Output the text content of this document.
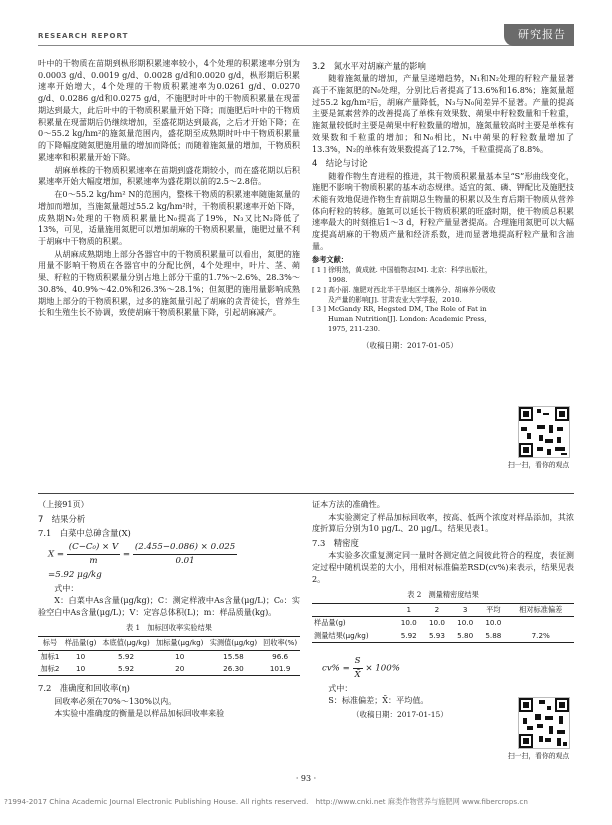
RESEARCH REPORT	研究报告

叶中的干物质在苗期到枞形期积累速率较小，4个处理的积累速率分别为0.0003 g/d、0.0019 g/d、0.0028 g/d和0.0020 g/d，枞形期后积累速率开始增大，4个处理的干物质积累速率为0.0261 g/d、0.0270 g/d、0.0286 g/d和0.0275 g/d，不施肥时叶中的干物质积累量在现蕾期达到最大，此后叶中的干物质积累量开始下降；而施肥后叶中的干物质积累量在现蕾期后仍继续增加，至盛花期达到最高，之后才开始下降；在0～55.2 kg/hm²的施氮量范围内，盛花期至成熟期时叶中干物质积累量的下降幅度随氮肥施用量的增加而降低；而随着施氮量的增加，干物质积累速率和积累量开始下降。

胡麻单株的干物质积累速率在苗期到盛花期较小，而在盛花期以后积累速率开始大幅度增加，积累速率为盛花期以前的2.5～2.8倍。

在0～55.2 kg/hm² N的范围内，整株干物质的积累速率随施氮量的增加而增加，当施氮量超过55.2 kg/hm²时，干物质积累速率开始下降，成熟期N₂处理的干物质积累量比N₀提高了19%，N₃又比N₂降低了13%，可见，适量施用氮肥可以增加胡麻的干物质积累量，施肥过量不利于胡麻中干物质的积累。

从胡麻成熟期地上部分各器官中的干物质积累量可以看出，氮肥的施用量不影响干物质在各器官中的分配比例，4个处理中，叶片、茎、蒴果、籽粒的干物质积累量分别占地上部分干重的1.7%～2.6%、28.3%～30.8%、40.9%～42.0%和26.3%～28.1%；但氮肥的施用量影响成熟期地上部分的干物质积累，过多的施氮量引起了胡麻的贪青徒长，营养生长和生殖生长不协调，致使胡麻干物质积累量下降，引起胡麻减产。

3.2　氮水平对胡麻产量的影响

随着施氮量的增加，产量呈递增趋势，N₁和N₂处理的籽粒产量显著高于不施氮肥的N₀处理，分别比后者提高了13.6%和16.8%；施氮量超过55.2 kg/hm²后，胡麻产量降低，N₃与N₀间差异不显著。产量的提高主要是氮素营养的改善提高了单株有效果数、蒴果中籽粒数量和千粒重，施氮量较低时主要是蒴果中籽粒数量的增加，施氮量较高时主要是单株有效果数和千粒重的增加；和N₀相比，N₁中蒴果的籽粒数量增加了13.3%，N₂的单株有效果数提高了12.7%，千粒重提高了8.8%。

4　结论与讨论

随着作物生育进程的推进，其干物质积累量基本呈“S”形曲线变化，施肥不影响干物质积累的基本动态规律。适宜的氮、磷、钾配比及施肥技术能有效地促进作物生育前期总生物量的积累以及生育后期干物质从营养体向籽粒的转移。施氮可以延长干物质积累的旺盛时期，使干物质总积累速率最大的时刻推后1～3 d，籽粒产量显著提高。合理施用氮肥可以大幅度提高胡麻的干物质产量和经济系数，进而显著地提高籽粒产量和含油量。

参考文献：
[ 1 ] 徐明然，黄成就. 中国植物志[M]. 北京：科学出版社，1998.
[ 2 ] 高小丽. 施肥对西北半干旱地区土壤养分、胡麻养分吸收及产量的影响[J]. 甘肃农业大学学报，2010.
[ 3 ] McGandy RR, Hegsted DM, The Role of Fat in Human Nutrition[J]. London: Academic Press, 1975, 211-230.
（收稿日期：2017-01-05）
扫一扫，看你的观点
（上接91页）
7　结果分析
7.1　白菜中总砷含量(X)
$X = \frac{\text{(C−C₀) × V}}{m} = \frac{(2.455-0.086) \times 0.025}{0.01}$
=5.92 μg/kg
式中：

X：白菜中As含量(μg/kg)；C：测定样液中As含量(μg/L)；C₀：实验空白中As含量(μg/L)；V：定容总体积(L)；m：样品质量(kg)。

表 1　加标回收率实验结果
标号	样品量(g)	本底值(μg/kg)	加标量(μg/kg)	实测值(μg/kg)	回收率(%)
加标1	10	5.92	10	15.58	96.6
加标2	10	5.92	20	26.30	101.9
7.2　准确度和回收率(η)

回收率必须在70%～130%以内。

本实验中准确度的衡量是以样品加标回收率来验

证本方法的准确性。

本实验测定了样品加标回收率，按高、低两个浓度对样品添加，其浓度折算后分别为10 μg/L、20 μg/L，结果见表1。

7.3　精密度

本实验多次重复测定同一量时各测定值之间彼此符合的程度，表征测定过程中随机误差的大小，用相对标准偏差RSD(cv%)来表示，结果见表2。

表 2　测量精密度结果
	1	2	3	平均	相对标准偏差
样品量(g)	10.0	10.0	10.0	10.0	
测量结果(μg/kg)	5.92	5.93	5.80	5.88	7.2%
$cv\% = \frac{S}{X̄} \times 100\%$
式中：

S：标准偏差；X̄：平均值。

（收稿日期：2017-01-15）
扫一扫，看你的观点
· 93 ·
?1994-2017 China Academic Journal Electronic Publishing House. All rights reserved.　http://www.cnki.net 麻类作物营养与施肥网 www.fibercrops.cn
